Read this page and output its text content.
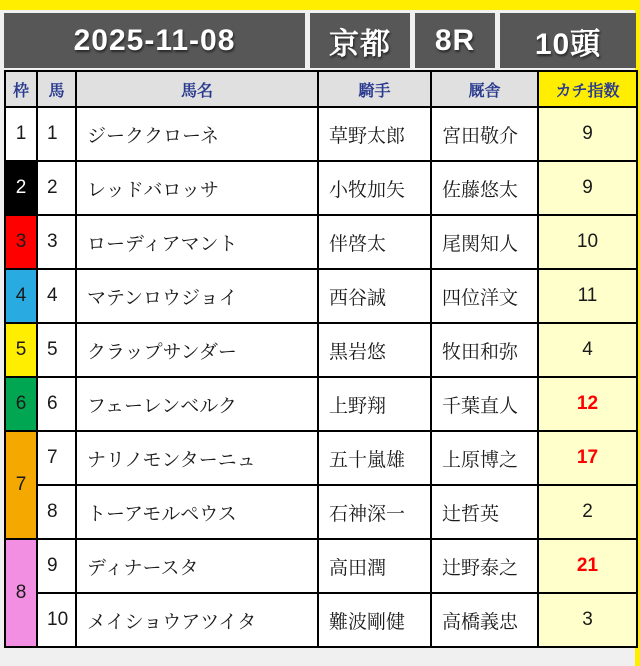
2025-11-08	京都	8R	10頭
枠	馬	馬名	騎手	厩舎	カチ指数
1	1	ジーククローネ	草野太郎	宮田敬介	9
2	2	レッドバロッサ	小牧加矢	佐藤悠太	9
3	3	ローディアマント	伴啓太	尾関知人	10
4	4	マテンロウジョイ	西谷誠	四位洋文	11
5	5	クラップサンダー	黒岩悠	牧田和弥	4
6	6	フェーレンベルク	上野翔	千葉直人	12
7	7	ナリノモンターニュ	五十嵐雄	上原博之	17
	8	トーアモルペウス	石神深一	辻哲英	2
8	9	ディナースタ	高田潤	辻野泰之	21
	10	メイショウアツイタ	難波剛健	高橋義忠	3
